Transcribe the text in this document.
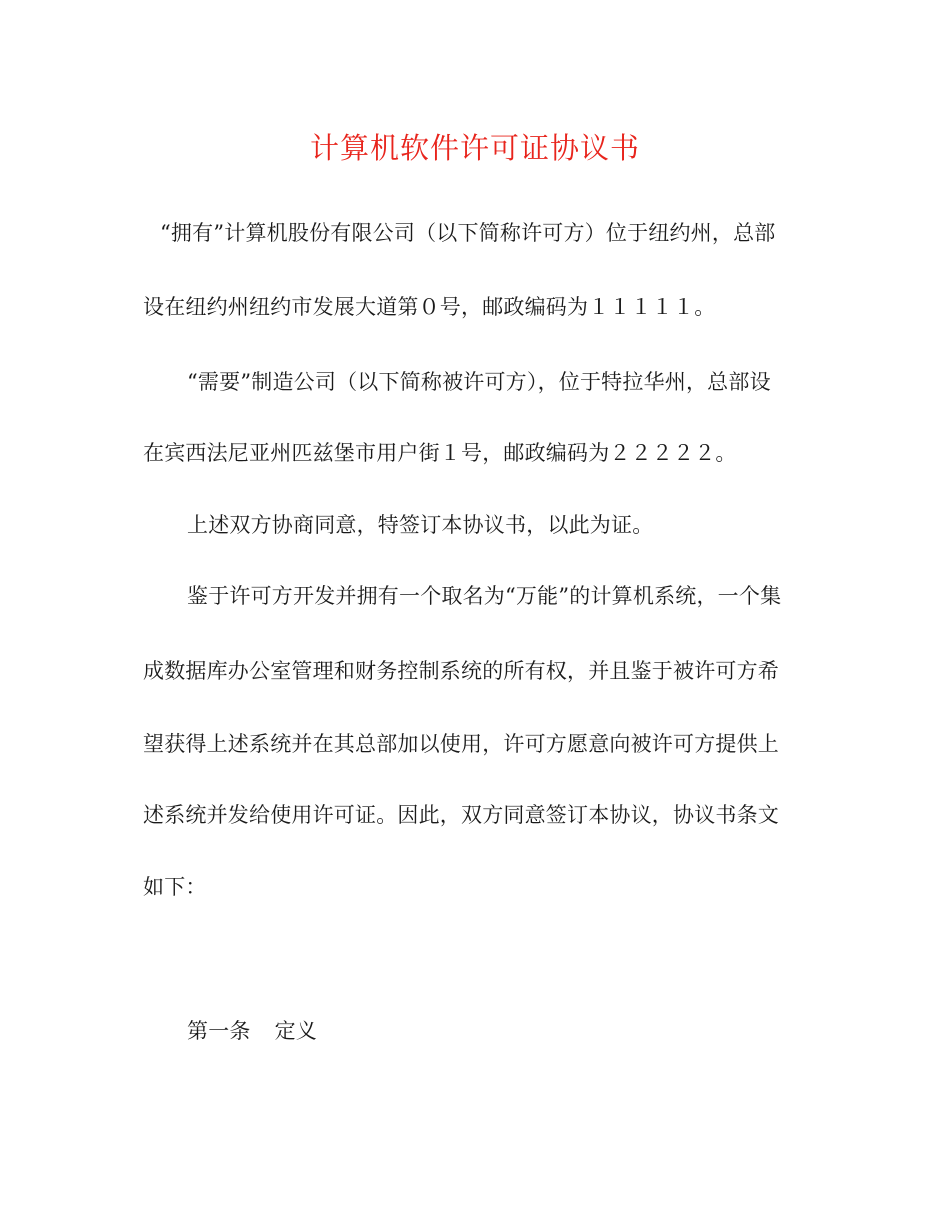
计算机软件许可证协议书
“拥有”计算机股份有限公司（以下简称许可方）位于纽约州，总部
设在纽约州纽约市发展大道第０号，邮政编码为１１１１１。
“需要”制造公司（以下简称被许可方），位于特拉华州，总部设
在宾西法尼亚州匹兹堡市用户街１号，邮政编码为２２２２２。
上述双方协商同意，特签订本协议书，以此为证。
鉴于许可方开发并拥有一个取名为“万能”的计算机系统，一个集
成数据库办公室管理和财务控制系统的所有权，并且鉴于被许可方希
望获得上述系统并在其总部加以使用，许可方愿意向被许可方提供上
述系统并发给使用许可证。因此，双方同意签订本协议，协议书条文
如下：
第一条 定义
